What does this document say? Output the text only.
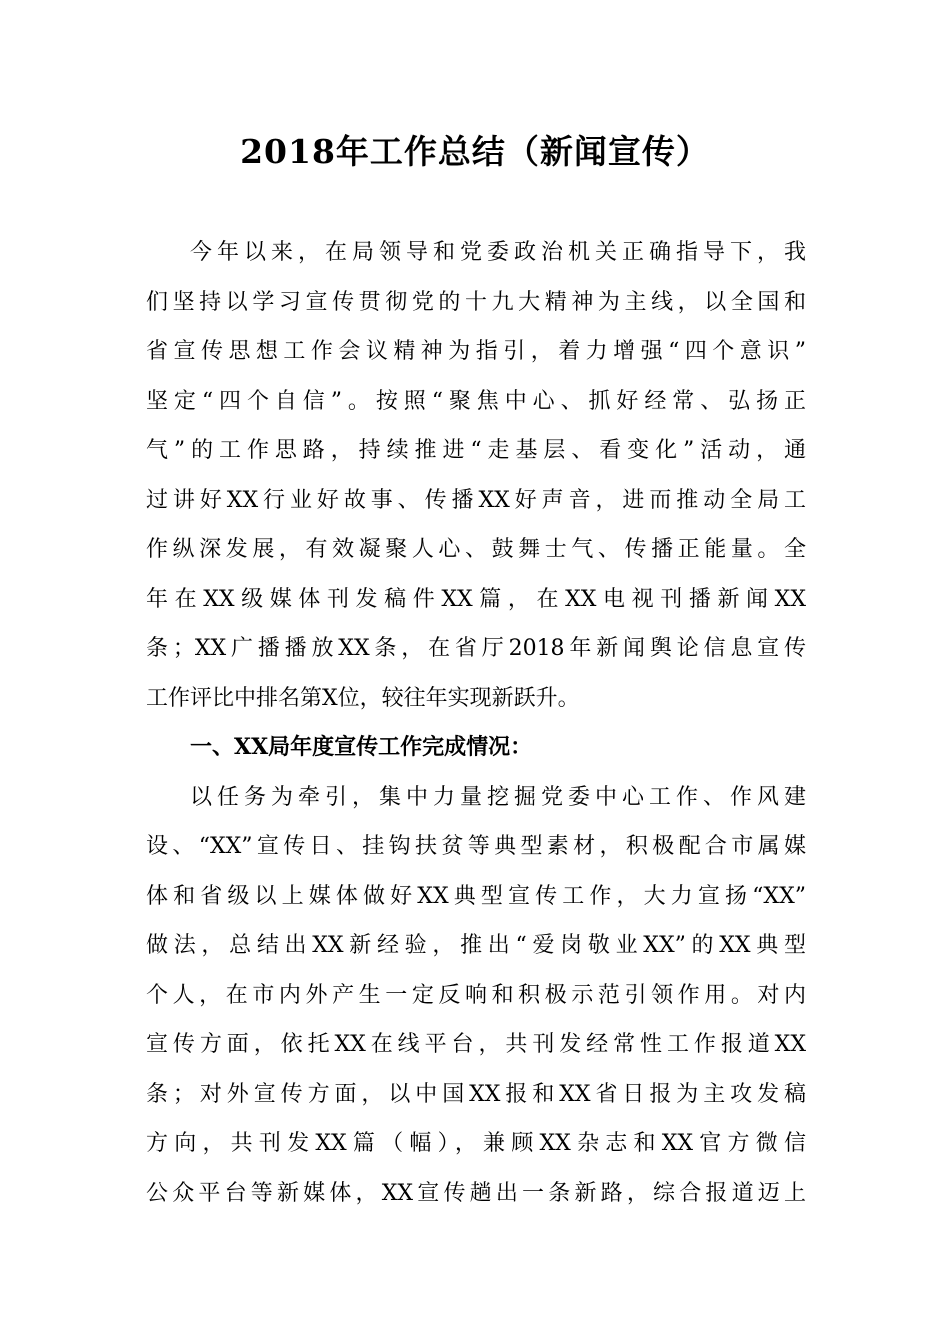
2018年工作总结（新闻宣传）
今年以来，在局领导和党委政治机关正确指导下，我
们坚持以学习宣传贯彻党的十九大精神为主线，以全国和
省宣传思想工作会议精神为指引，着力增强“四个意识”
坚定“四个自信”。按照“聚焦中心、抓好经常、弘扬正
气”的工作思路，持续推进“走基层、看变化”活动，通
过讲好XX行业好故事、传播XX好声音，进而推动全局工
作纵深发展，有效凝聚人心、鼓舞士气、传播正能量。全
年在XX级媒体刊发稿件XX篇，在XX电视刊播新闻XX
条；XX广播播放XX条，在省厅2018年新闻舆论信息宣传
工作评比中排名第X位，较往年实现新跃升。
一、XX局年度宣传工作完成情况：
以任务为牵引，集中力量挖掘党委中心工作、作风建
设、“XX”宣传日、挂钩扶贫等典型素材，积极配合市属媒
体和省级以上媒体做好XX典型宣传工作，大力宣扬“XX”
做法，总结出XX新经验，推出“爱岗敬业XX”的XX典型
个人，在市内外产生一定反响和积极示范引领作用。对内
宣传方面，依托XX在线平台，共刊发经常性工作报道XX
条；对外宣传方面，以中国XX报和XX省日报为主攻发稿
方向，共刊发XX篇（幅），兼顾XX杂志和XX官方微信
公众平台等新媒体，XX宣传趟出一条新路，综合报道迈上
